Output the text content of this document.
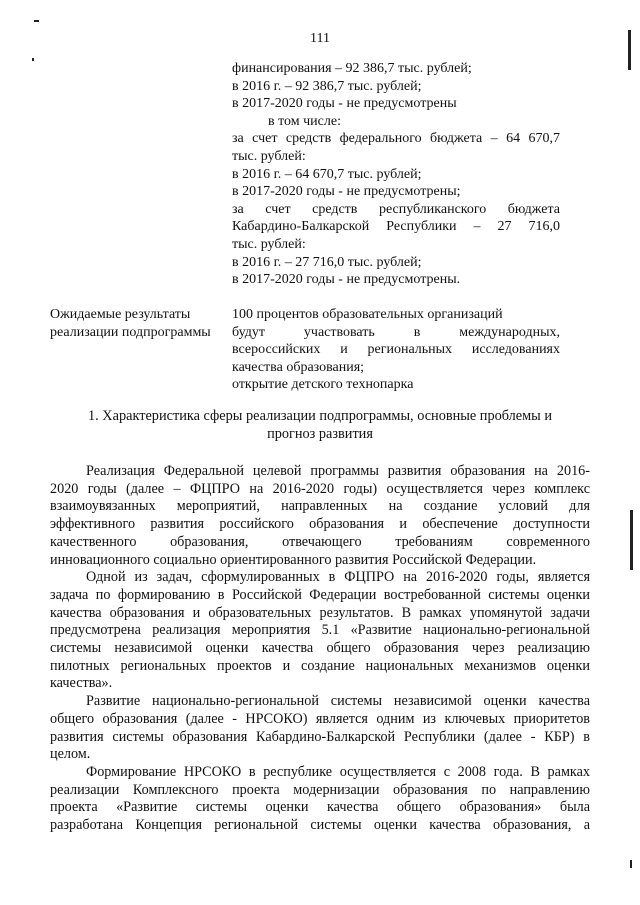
111
финансирования – 92 386,7 тыс. рублей;
в 2016 г. – 92 386,7 тыс. рублей;
в 2017-2020 годы - не предусмотрены
в том числе:
за счет средств федерального бюджета – 64 670,7
тыс. рублей:
в 2016 г. – 64 670,7 тыс. рублей;
в 2017-2020 годы - не предусмотрены;
за счет средств республиканского бюджета
Кабардино-Балкарской Республики – 27 716,0
тыс. рублей:
в 2016 г. – 27 716,0 тыс. рублей;
в 2017-2020 годы - не предусмотрены.
Ожидаемые результаты
реализации подпрограммы
100 процентов образовательных организаций
будут участвовать в международных,
всероссийских и региональных исследованиях
качества образования;
открытие детского технопарка
1. Характеристика сферы реализации подпрограммы, основные проблемы и
прогноз развития
Реализация Федеральной целевой программы развития образования на 2016-
2020 годы (далее – ФЦПРО на 2016-2020 годы) осуществляется через комплекс
взаимоувязанных мероприятий, направленных на создание условий для
эффективного развития российского образования и обеспечение доступности
качественного образования, отвечающего требованиям современного
инновационного социально ориентированного развития Российской Федерации.
Одной из задач, сформулированных в ФЦПРО на 2016-2020 годы, является
задача по формированию в Российской Федерации востребованной системы оценки
качества образования и образовательных результатов. В рамках упомянутой задачи
предусмотрена реализация мероприятия 5.1 «Развитие национально-региональной
системы независимой оценки качества общего образования через реализацию
пилотных региональных проектов и создание национальных механизмов оценки
качества».
Развитие национально-региональной системы независимой оценки качества
общего образования (далее - НРСОКО) является одним из ключевых приоритетов
развития системы образования Кабардино-Балкарской Республики (далее - КБР) в
целом.
Формирование НРСОКО в республике осуществляется с 2008 года. В рамках
реализации Комплексного проекта модернизации образования по направлению
проекта «Развитие системы оценки качества общего образования» была
разработана Концепция региональной системы оценки качества образования, а
